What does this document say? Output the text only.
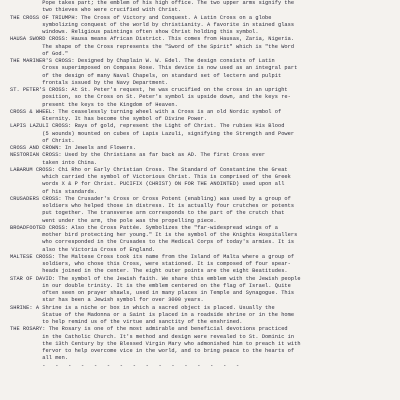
Pope takes part; the emblem of his high office. The two upper arms signify the
two thieves who were crucified with Christ.
THE CROSS OF TRIUMPH: The Cross of Victory and Conquest. A Latin Cross on a globe
symbolizing conquest of the world by christianity. A favorite in stained glass
windows. Religious paintings often show Christ holding this symbol.
HAUSA SWORD CROSS: Hausa means African District. This comes from Hausas, Zaria, Nigeria.
The shape of the Cross represents the "Sword of the Spirit" which is "the Word
of God."
THE MARINER'S CROSS: Designed by Chaplain W. W. Edel. The design consists of Latin
Cross superimposed on Compass Rose. This device is now used as an integral part
of the design of many Naval Chapels, on standard set of lectern and pulpit
frontals issued by the Navy Department.
ST. PETER'S CROSS: At St. Peter's request, he was crucified on the cross in an upright
position, so the Cross on St. Peter's symbol is upside down, and the keys re-
present the keys to the Kingdom of Heaven.
CROSS & WHEEL: The ceaselessly turning wheel with a Cross is an old Nordic symbol of
Eternity. It has become the symbol of Divine Power.
LAPIS LAZULI CROSS: Rays of gold, represent the Light of Christ. The rubies His Blood
(5 wounds) mounted on cubes of Lapis Lazuli, signifying the Strength and Power
of Christ.
CROSS AND CROWN: In Jewels and Flowers.
NESTORIAN CROSS: Used by the Christians as far back as AD. The first Cross ever
taken into China.
LABARUM CROSS: Chi Rho or Early Christian Cross. The Standard of Constantine the Great
which carried the symbol of Victorious Christ. This is comprised of the Greek
words X & P for Christ. PUCIFIX (CHRIST) ON FOR THE ANOINTED) used upon all
of his standards.
CRUSADERS CROSS: The Crusader's Cross or Cross Potent (enabling) was used by a group of
soldiers who helped those in distress. It is actually four crutches or potents
put together. The transverse arm corresponds to the part of the crutch that
went under the arm, the pole was the propelling piece.
BROADFOOTED CROSS: Also the Cross Pattée. Symbolizes the "far-widespread wings of a
mother bird protecting her young." It is the symbol of the Knights Hospitallers
who corresponded in the Crusades to the Medical Corps of today's armies. It is
also the Victoria Cross of England.
MALTESE CROSS: The Maltese Cross took its name from the Island of Malta where a group of
soldiers, who chose this Cross, were stationed. It is composed of four spear-
heads joined in the center. The eight outer points are the eight Beatitudes.
STAR OF DAVID: The symbol of the Jewish faith. We share this emblem with the Jewish people
in our double trinity. It is the emblem centered on the flag of Israel. Quite
often seen on prayer shawls, used in many places in Temple and Synagogue. This
star has been a Jewish symbol for over 3000 years.
SHRINE: A Shrine is a niche or box in which a sacred object is placed. Usually the
Statue of the Madonna or a Saint is placed in a roadside shrine or in the home
to help remind us of the virtue and sanctity of the enshrined.
THE ROSARY: The Rosary is one of the most admirable and beneficial devotions practiced
in the Catholic Church. It's method and design were revealed to St. Dominic in
the 13th Century by the Blessed Virgin Mary who admonished him to preach it with
fervor to help overcome vice in the world, and to bring peace to the hearts of
all men.
-   -   -   -   -   -   -   -   -   -   -   -   -   -   -   -
